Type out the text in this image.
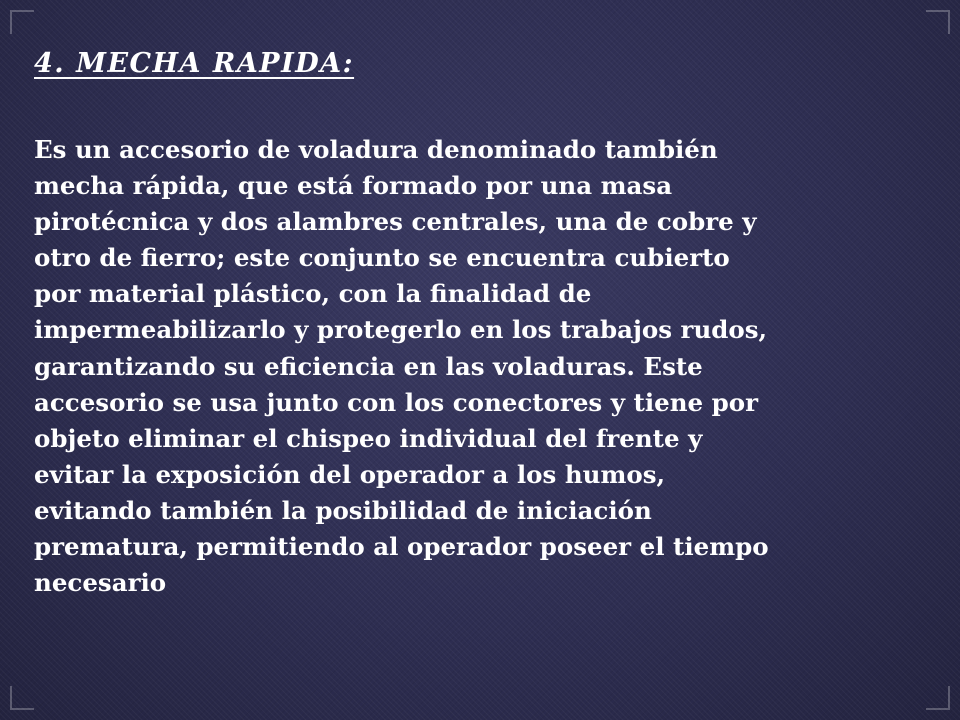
4. MECHA RAPIDA:
Es un accesorio de voladura denominado también
mecha rápida, que está formado por una masa
pirotécnica y dos alambres centrales, una de cobre y
otro de fierro; este conjunto se encuentra cubierto
por material plástico, con la finalidad de
impermeabilizarlo y protegerlo en los trabajos rudos,
garantizando su eficiencia en las voladuras. Este
accesorio se usa junto con los conectores y tiene por
objeto eliminar el chispeo individual del frente y
evitar la exposición del operador a los humos,
evitando también la posibilidad de iniciación
prematura, permitiendo al operador poseer el tiempo
necesario
